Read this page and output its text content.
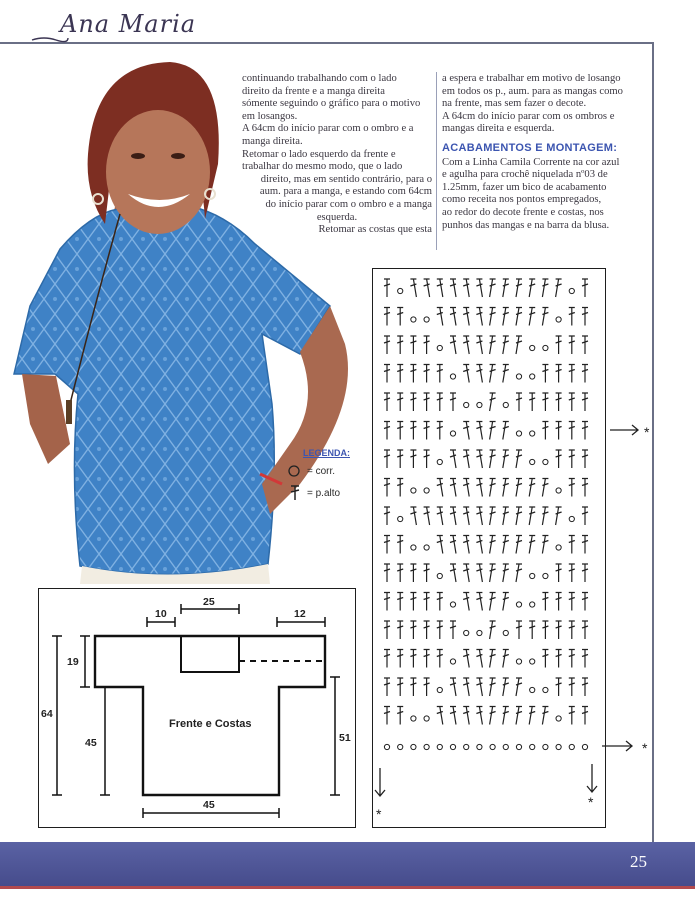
Ana Maria
LEGENDA:
= corr.
= p.alto

continuando trabalhando com o lado

direito da frente e a manga direita

sómente seguindo o gráfico para o motivo

em losangos.

A 64cm do início parar com o ombro e a

manga direita.

Retomar o lado esquerdo da frente e

trabalhar do mesmo modo, que o lado

direito, mas em sentido contrário, para o

aum. para a manga, e estando com 64cm

do início parar com o ombro e a manga

esquerda.

Retomar as costas que esta

a espera e trabalhar em motivo de losango

em todos os p., aum. para as mangas como

na frente, mas sem fazer o decote.

A 64cm do início parar com os ombros e

mangas direita e esquerda.

ACABAMENTOS E MONTAGEM:

Com a Linha Camila Corrente na cor azul

e agulha para crochê niquelada nº03 de

1.25mm, fazer um bico de acabamento

como receita nos pontos empregados,

ao redor do decote frente e costas, nos

punhos das mangas e na barra da blusa.

10
25
12
19
64
45	51
45
Frente e Costas
*
*
*
*
25
